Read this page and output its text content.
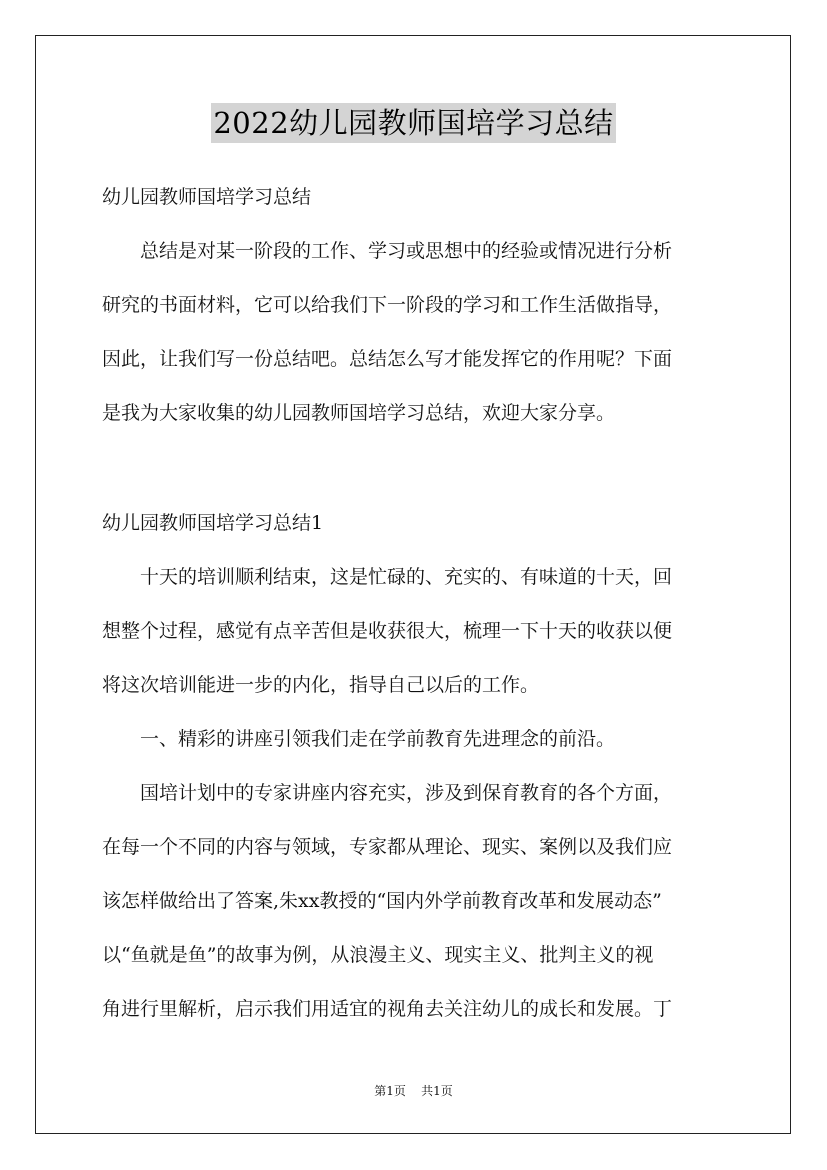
2022幼儿园教师国培学习总结
幼儿园教师国培学习总结
总结是对某一阶段的工作、学习或思想中的经验或情况进行分析
研究的书面材料，它可以给我们下一阶段的学习和工作生活做指导，
因此，让我们写一份总结吧。总结怎么写才能发挥它的作用呢？下面
是我为大家收集的幼儿园教师国培学习总结，欢迎大家分享。
幼儿园教师国培学习总结1
十天的培训顺利结束，这是忙碌的、充实的、有味道的十天，回
想整个过程，感觉有点辛苦但是收获很大，梳理一下十天的收获以便
将这次培训能进一步的内化，指导自己以后的工作。
一、精彩的讲座引领我们走在学前教育先进理念的前沿。
国培计划中的专家讲座内容充实，涉及到保育教育的各个方面，
在每一个不同的内容与领域，专家都从理论、现实、案例以及我们应
该怎样做给出了答案,朱xx教授的“国内外学前教育改革和发展动态”
以“鱼就是鱼”的故事为例，从浪漫主义、现实主义、批判主义的视
角进行里解析，启示我们用适宜的视角去关注幼儿的成长和发展。丁
第1页 共1页
